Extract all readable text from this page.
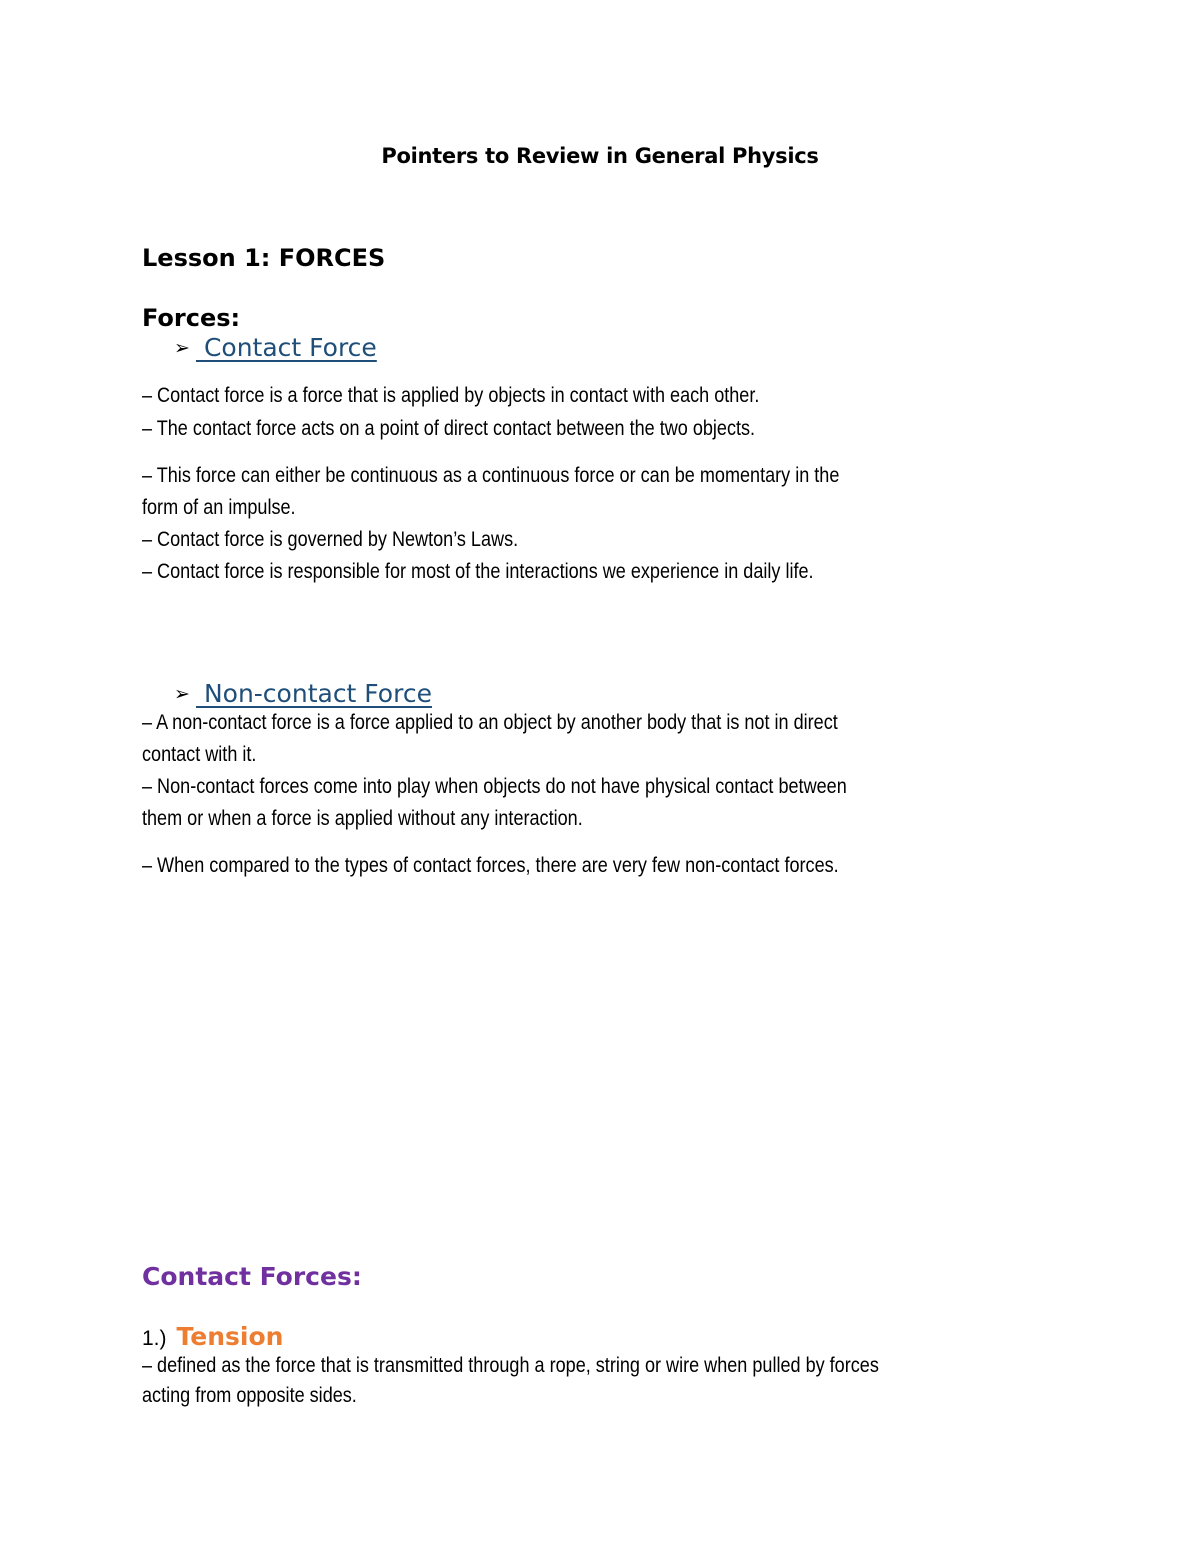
Pointers to Review in General Physics
Lesson 1: FORCES
Forces:
➢ Contact Force
– Contact force is a force that is applied by objects in contact with each other.
– The contact force acts on a point of direct contact between the two objects.
– This force can either be continuous as a continuous force or can be momentary in the
form of an impulse.
– Contact force is governed by Newton’s Laws.
– Contact force is responsible for most of the interactions we experience in daily life.
➢ Non-contact Force
– A non-contact force is a force applied to an object by another body that is not in direct
contact with it.
– Non-contact forces come into play when objects do not have physical contact between
them or when a force is applied without any interaction.
– When compared to the types of contact forces, there are very few non-contact forces.
Contact Forces:
1.) Tension
– defined as the force that is transmitted through a rope, string or wire when pulled by forces
acting from opposite sides.
